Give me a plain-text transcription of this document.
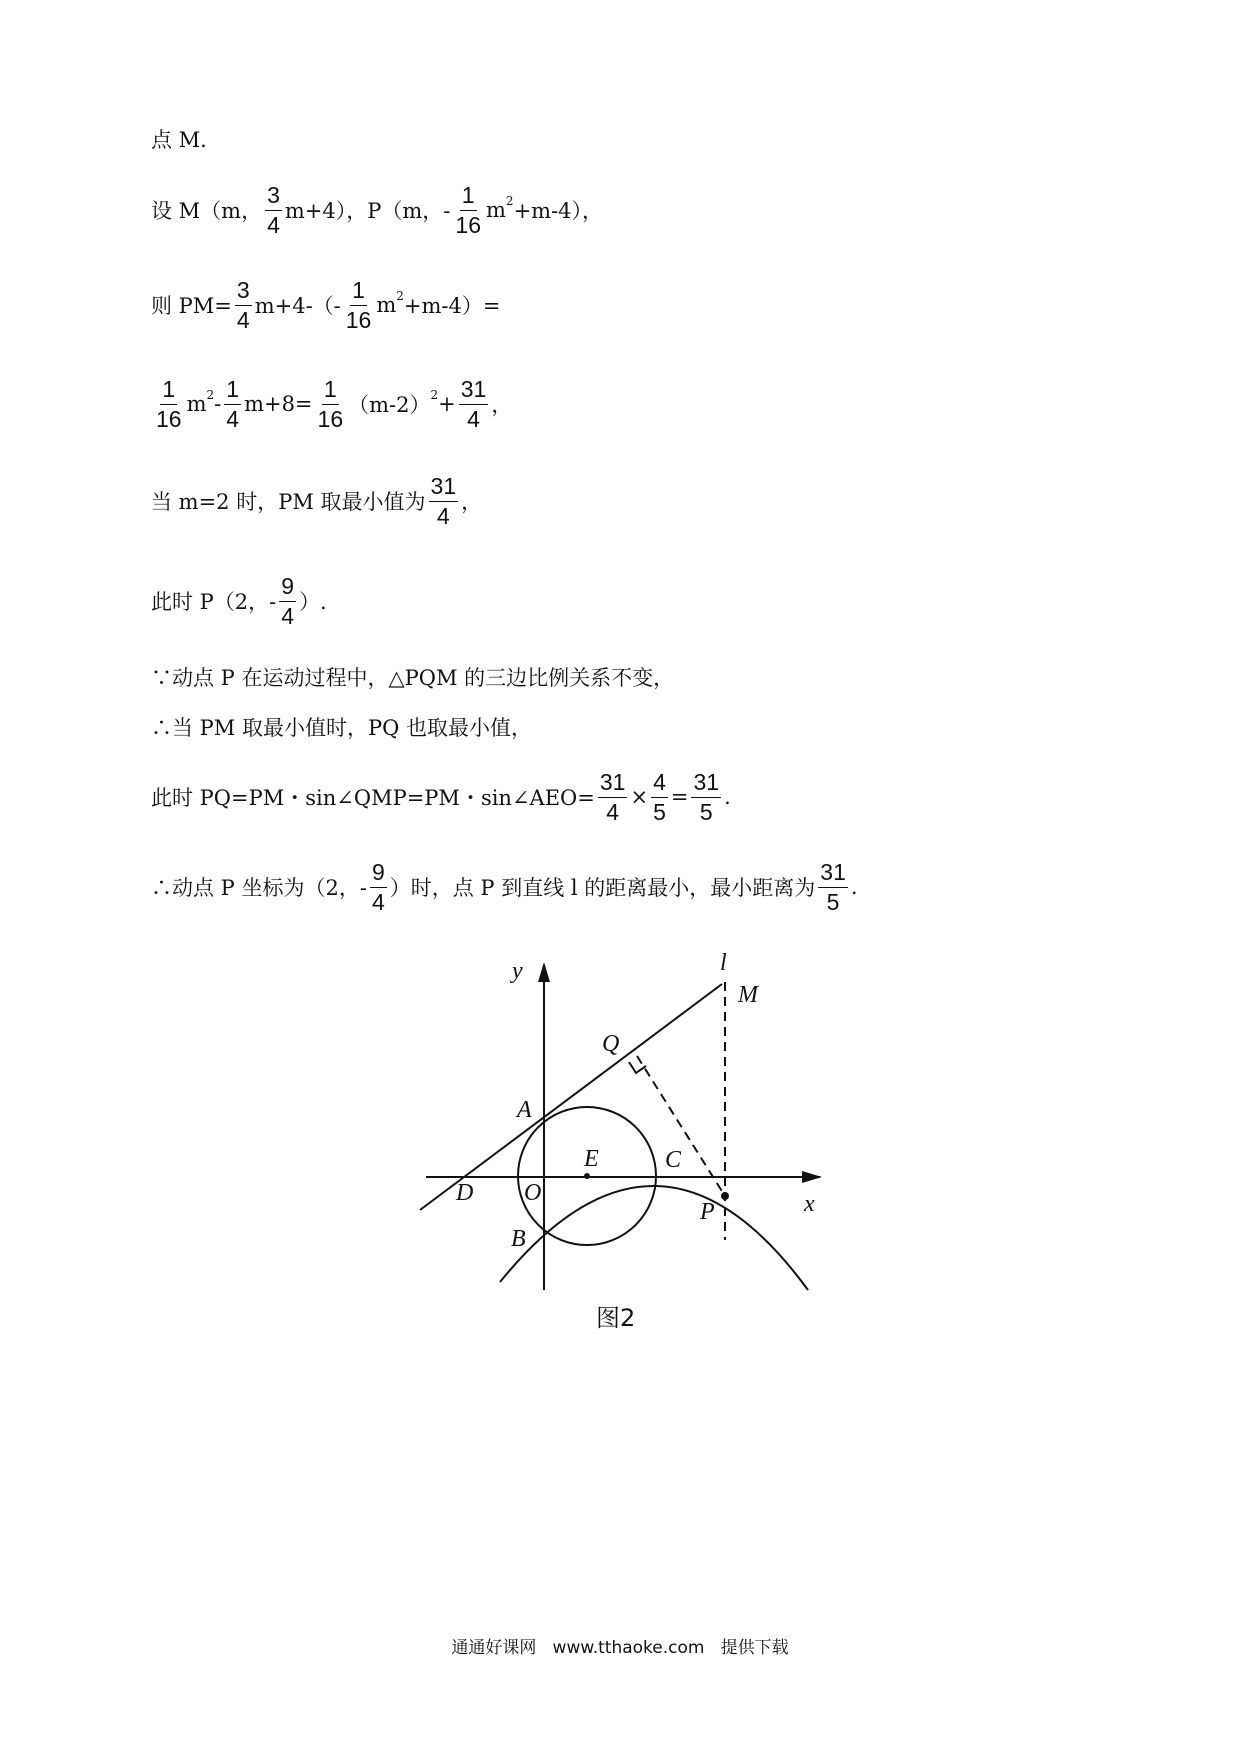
点 M.
设 M（m， $\frac{3}{4} m+4$），P（m，- $\frac{1}{16}$ m 2 +m-4），
则 $PM= \frac{3}{4} m+4-(- \frac{1}{16}$ m 2 +m-4）=
$\frac{1}{16}$ m $2 - \frac{1}{4} m+8= \frac{1}{16} (m-2) 2 + \frac{31}{4}$ ，
当 m=2 时，PM 取最小值为 $\frac{31}{4}$ ，
此时 P（2，- $\frac{9}{4}$ ）.
∵动点 P 在运动过程中，△PQM 的三边比例关系不变，
∴当 PM 取最小值时，PQ 也取最小值，
此时 PQ=PM・sin∠QMP=PM・sin∠AEO= $\frac{31}{4} \times \frac{4}{5} = \frac{31}{5}$ .
∴动点 P 坐标为（2，- $\frac{9}{4}$ ）时，点 P 到直线 l 的距离最小，最小距离为 $\frac{31}{5}$ .
y
x
l
M
Q
A
E	C
D O
P
B
图2
通通好课网   www.tthaoke.com   提供下载
